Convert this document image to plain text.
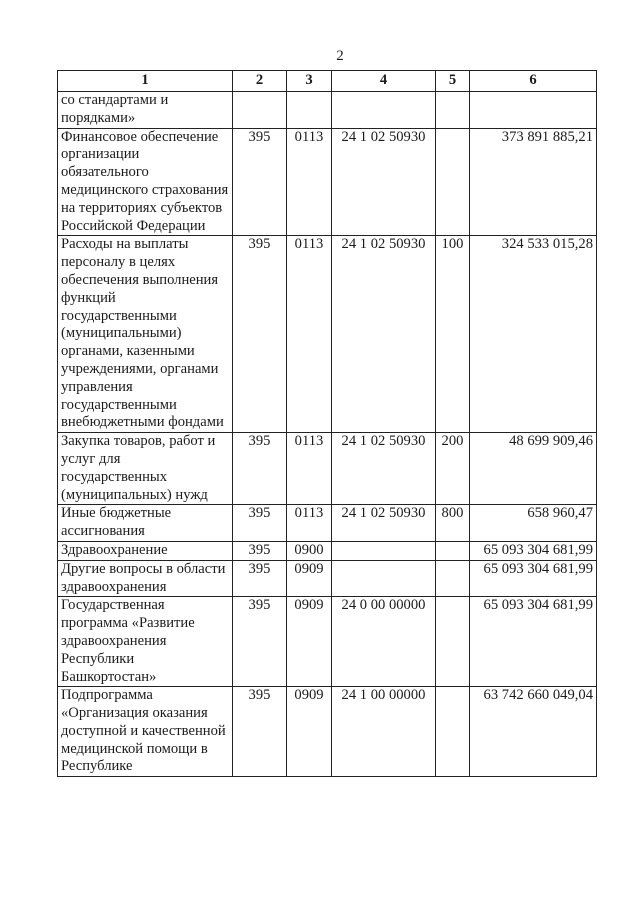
2
1	2	3	4	5	6
со стандартами и порядками»					
Финансовое обеспечение организации обязательного медицинского страхования на территориях субъектов Российской Федерации	395	0113	24 1 02 50930		373 891 885,21
Расходы на выплаты персоналу в целях обеспечения выполнения функций государственными (муниципальными) органами, казенными учреждениями, органами управления государственными внебюджетными фондами	395	0113	24 1 02 50930	100	324 533 015,28
Закупка товаров, работ и услуг для государственных (муниципальных) нужд	395	0113	24 1 02 50930	200	48 699 909,46
Иные бюджетные ассигнования	395	0113	24 1 02 50930	800	658 960,47
Здравоохранение	395	0900			65 093 304 681,99
Другие вопросы в области здравоохранения	395	0909			65 093 304 681,99
Государственная программа «Развитие здравоохранения Республики Башкортостан»	395	0909	24 0 00 00000		65 093 304 681,99
Подпрограмма «Организация оказания доступной и качественной медицинской помощи в Республике	395	0909	24 1 00 00000		63 742 660 049,04
